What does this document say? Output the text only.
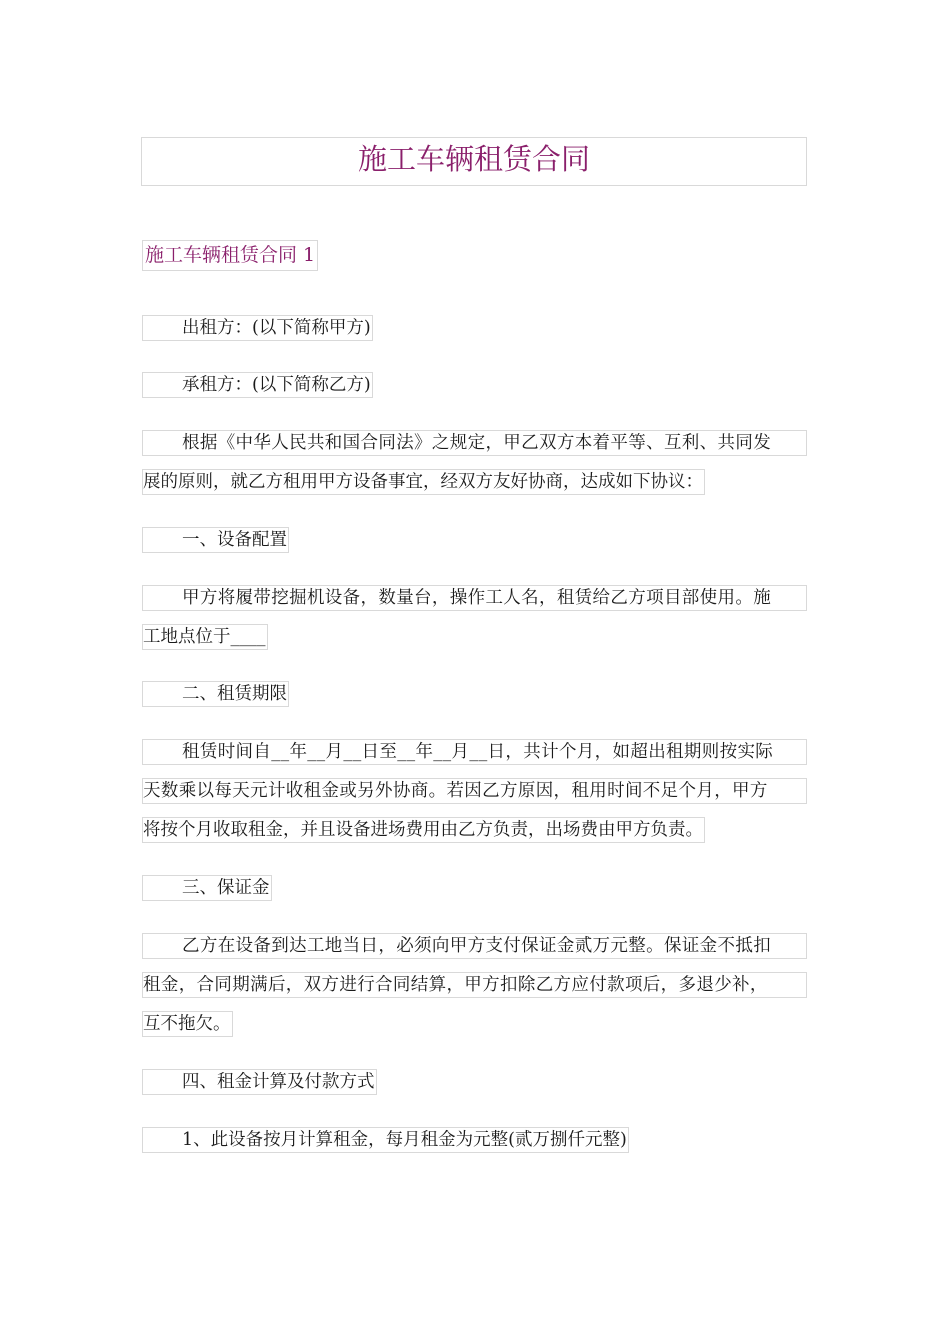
施工车辆租赁合同
施工车辆租赁合同 1
出租方：(以下简称甲方)
承租方：(以下简称乙方)
根据《中华人民共和国合同法》之规定，甲乙双方本着平等、互利、共同发
展的原则，就乙方租用甲方设备事宜，经双方友好协商，达成如下协议：
一、设备配置
甲方将履带挖掘机设备，数量台，操作工人名，租赁给乙方项目部使用。施
工地点位于____
二、租赁期限
租赁时间自__年__月__日至__年__月__日，共计个月，如超出租期则按实际
天数乘以每天元计收租金或另外协商。若因乙方原因，租用时间不足个月，甲方
将按个月收取租金，并且设备进场费用由乙方负责，出场费由甲方负责。
三、保证金
乙方在设备到达工地当日，必须向甲方支付保证金贰万元整。保证金不抵扣
租金，合同期满后，双方进行合同结算，甲方扣除乙方应付款项后，多退少补，
互不拖欠。
四、租金计算及付款方式
1、此设备按月计算租金，每月租金为元整(贰万捌仟元整)
